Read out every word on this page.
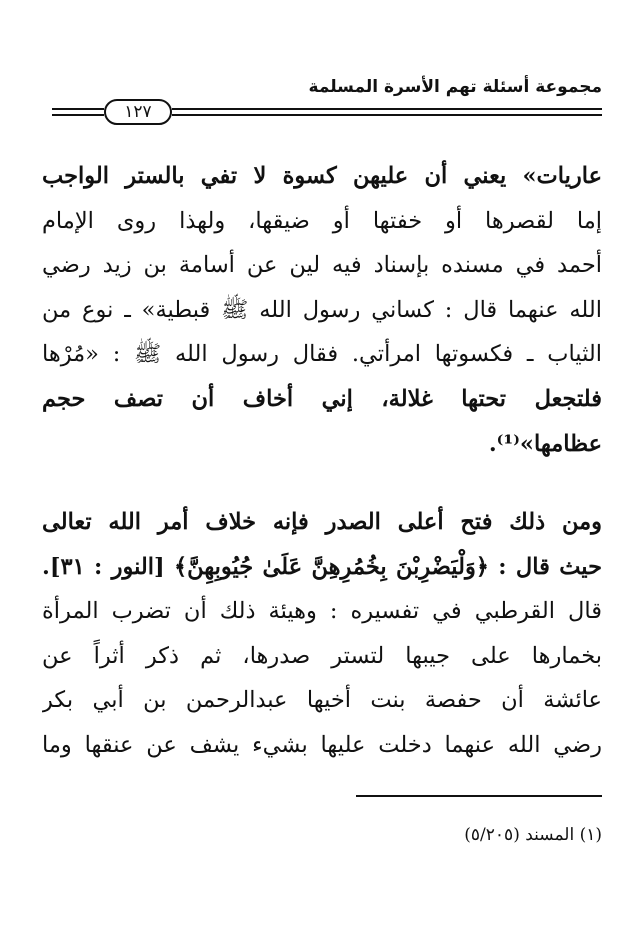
مجموعة أسئلة تهم الأسرة المسلمة
١٢٧
عاريات» يعني أن عليهن كسوة لا تفي بالستر الواجب
إما لقصرها أو خفتها أو ضيقها، ولهذا روى الإمام
أحمد في مسنده بإسناد فيه لين عن أسامة بن زيد رضي
الله عنهما قال : كساني رسول الله ﷺ قبطية» ـ نوع من
الثياب ـ فكسوتها امرأتي. فقال رسول الله ﷺ : «مُرْها
فلتجعل تحتها غلالة، إني أخاف أن تصف حجم
عظامها»⁽¹⁾.
ومن ذلك فتح أعلى الصدر فإنه خلاف أمر الله تعالى
حيث قال : ﴿وَلْيَضْرِبْنَ بِخُمُرِهِنَّ عَلَىٰ جُيُوبِهِنَّ﴾ [النور : ٣١].
قال القرطبي في تفسيره : وهيئة ذلك أن تضرب المرأة
بخمارها على جيبها لتستر صدرها، ثم ذكر أثراً عن
عائشة أن حفصة بنت أخيها عبدالرحمن بن أبي بكر
رضي الله عنهما دخلت عليها بشيء يشف عن عنقها وما
(١) المسند (٥/٢٠٥)
